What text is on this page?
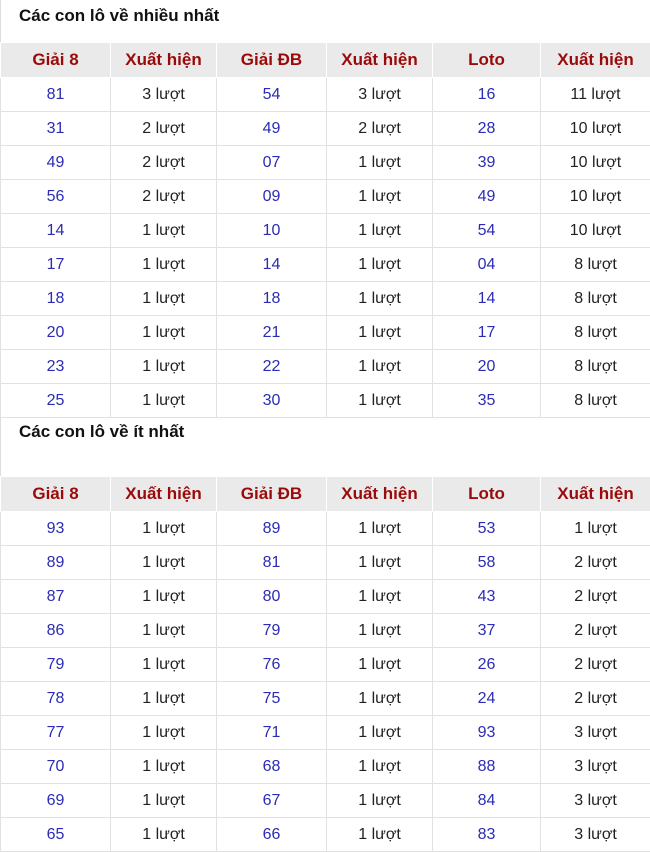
Các con lô về nhiều nhất
Giải 8	Xuất hiện	Giải ĐB	Xuất hiện	Loto	Xuất hiện
81	3 lượt	54	3 lượt	16	11 lượt
31	2 lượt	49	2 lượt	28	10 lượt
49	2 lượt	07	1 lượt	39	10 lượt
56	2 lượt	09	1 lượt	49	10 lượt
14	1 lượt	10	1 lượt	54	10 lượt
17	1 lượt	14	1 lượt	04	8 lượt
18	1 lượt	18	1 lượt	14	8 lượt
20	1 lượt	21	1 lượt	17	8 lượt
23	1 lượt	22	1 lượt	20	8 lượt
25	1 lượt	30	1 lượt	35	8 lượt
Các con lô về ít nhất
Giải 8	Xuất hiện	Giải ĐB	Xuất hiện	Loto	Xuất hiện
93	1 lượt	89	1 lượt	53	1 lượt
89	1 lượt	81	1 lượt	58	2 lượt
87	1 lượt	80	1 lượt	43	2 lượt
86	1 lượt	79	1 lượt	37	2 lượt
79	1 lượt	76	1 lượt	26	2 lượt
78	1 lượt	75	1 lượt	24	2 lượt
77	1 lượt	71	1 lượt	93	3 lượt
70	1 lượt	68	1 lượt	88	3 lượt
69	1 lượt	67	1 lượt	84	3 lượt
65	1 lượt	66	1 lượt	83	3 lượt
